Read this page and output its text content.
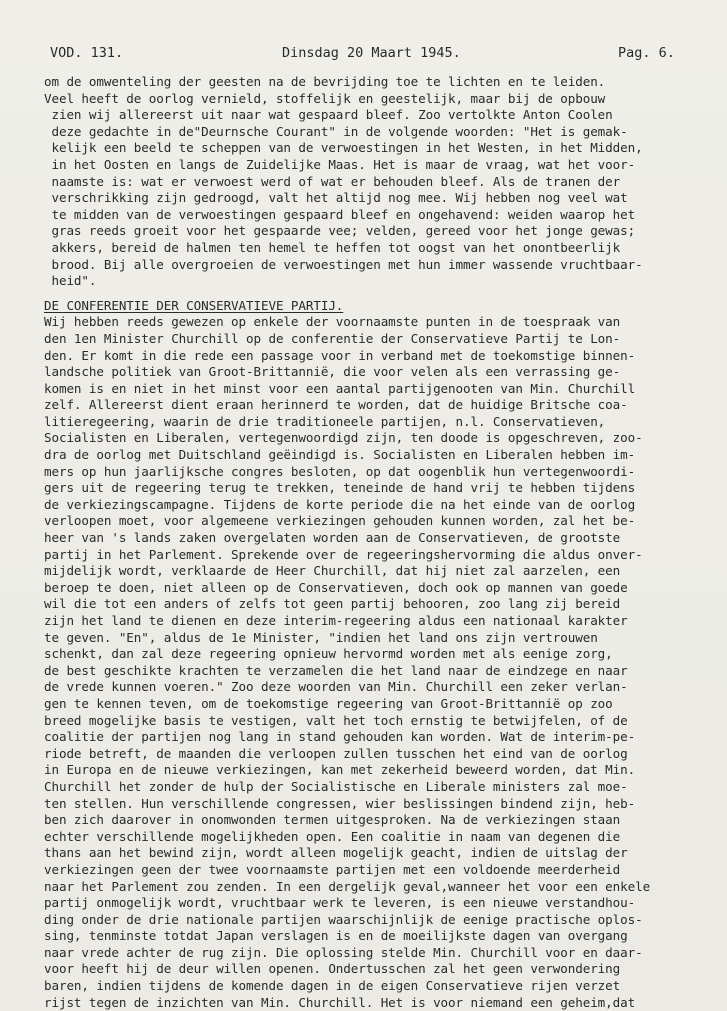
VOD. 131.	Dinsdag 20 Maart 1945.	Pag. 6.
om de omwenteling der geesten na de bevrijding toe te lichten en te leiden.
Veel heeft de oorlog vernield, stoffelijk en geestelijk, maar bij de opbouw
zien wij allereerst uit naar wat gespaard bleef. Zoo vertolkte Anton Coolen
deze gedachte in de"Deurnsche Courant" in de volgende woorden: "Het is gemak-
kelijk een beeld te scheppen van de verwoestingen in het Westen, in het Midden,
in het Oosten en langs de Zuidelijke Maas. Het is maar de vraag, wat het voor-
naamste is: wat er verwoest werd of wat er behouden bleef. Als de tranen der
verschrikking zijn gedroogd, valt het altijd nog mee. Wij hebben nog veel wat
te midden van de verwoestingen gespaard bleef en ongehavend: weiden waarop het
gras reeds groeit voor het gespaarde vee; velden, gereed voor het jonge gewas;
akkers, bereid de halmen ten hemel te heffen tot oogst van het onontbeerlijk
brood. Bij alle overgroeien de verwoestingen met hun immer wassende vruchtbaar-
heid".
DE CONFERENTIE DER CONSERVATIEVE PARTIJ.
Wij hebben reeds gewezen op enkele der voornaamste punten in de toespraak van
den 1en Minister Churchill op de conferentie der Conservatieve Partij te Lon-
den. Er komt in die rede een passage voor in verband met de toekomstige binnen-
landsche politiek van Groot-Brittannië, die voor velen als een verrassing ge-
komen is en niet in het minst voor een aantal partijgenooten van Min. Churchill
zelf. Allereerst dient eraan herinnerd te worden, dat de huidige Britsche coa-
litieregeering, waarin de drie traditioneele partijen, n.l. Conservatieven,
Socialisten en Liberalen, vertegenwoordigd zijn, ten doode is opgeschreven, zoo-
dra de oorlog met Duitschland geëindigd is. Socialisten en Liberalen hebben im-
mers op hun jaarlijksche congres besloten, op dat oogenblik hun vertegenwoordi-
gers uit de regeering terug te trekken, teneinde de hand vrij te hebben tijdens
de verkiezingscampagne. Tijdens de korte periode die na het einde van de oorlog
verloopen moet, voor algemeene verkiezingen gehouden kunnen worden, zal het be-
heer van 's lands zaken overgelaten worden aan de Conservatieven, de grootste
partij in het Parlement. Sprekende over de regeeringshervorming die aldus onver-
mijdelijk wordt, verklaarde de Heer Churchill, dat hij niet zal aarzelen, een
beroep te doen, niet alleen op de Conservatieven, doch ook op mannen van goede
wil die tot een anders of zelfs tot geen partij behooren, zoo lang zij bereid
zijn het land te dienen en deze interim-regeering aldus een nationaal karakter
te geven. "En", aldus de 1e Minister, "indien het land ons zijn vertrouwen
schenkt, dan zal deze regeering opnieuw hervormd worden met als eenige zorg,
de best geschikte krachten te verzamelen die het land naar de eindzege en naar
de vrede kunnen voeren." Zoo deze woorden van Min. Churchill een zeker verlan-
gen te kennen teven, om de toekomstige regeering van Groot-Brittannië op zoo
breed mogelijke basis te vestigen, valt het toch ernstig te betwijfelen, of de
coalitie der partijen nog lang in stand gehouden kan worden. Wat de interim-pe-
riode betreft, de maanden die verloopen zullen tusschen het eind van de oorlog
in Europa en de nieuwe verkiezingen, kan met zekerheid beweerd worden, dat Min.
Churchill het zonder de hulp der Socialistische en Liberale ministers zal moe-
ten stellen. Hun verschillende congressen, wier beslissingen bindend zijn, heb-
ben zich daarover in onomwonden termen uitgesproken. Na de verkiezingen staan
echter verschillende mogelijkheden open. Een coalitie in naam van degenen die
thans aan het bewind zijn, wordt alleen mogelijk geacht, indien de uitslag der
verkiezingen geen der twee voornaamste partijen met een voldoende meerderheid
naar het Parlement zou zenden. In een dergelijk geval,wanneer het voor een enkele
partij onmogelijk wordt, vruchtbaar werk te leveren, is een nieuwe verstandhou-
ding onder de drie nationale partijen waarschijnlijk de eenige practische oplos-
sing, tenminste totdat Japan verslagen is en de moeilijkste dagen van overgang
naar vrede achter de rug zijn. Die oplossing stelde Min. Churchill voor en daar-
voor heeft hij de deur willen openen. Ondertusschen zal het geen verwondering
baren, indien tijdens de komende dagen in de eigen Conservatieve rijen verzet
rijst tegen de inzichten van Min. Churchill. Het is voor niemand een geheim,dat
